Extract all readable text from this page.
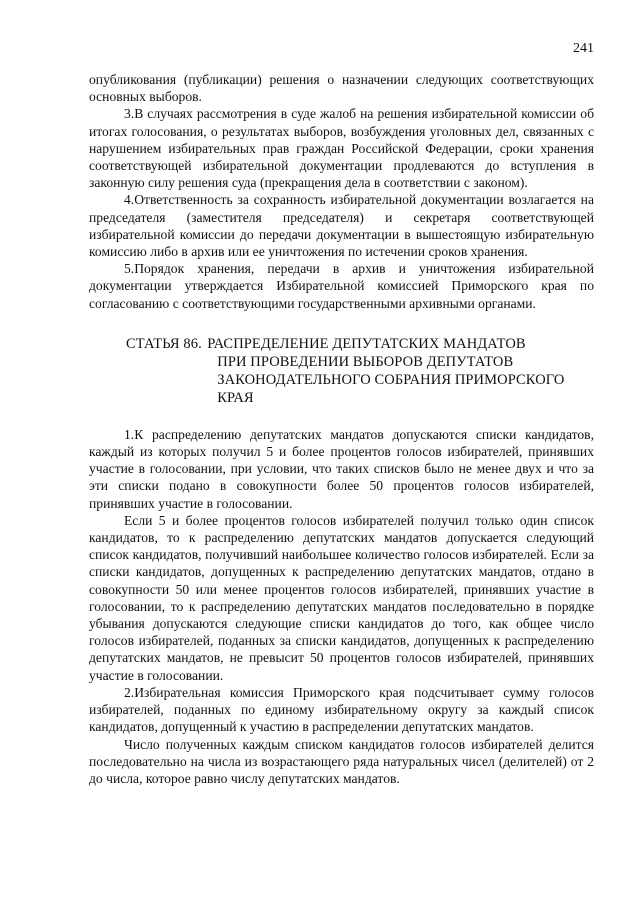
241

опубликования (публикации) решения о назначении следующих соответствующих основных выборов.

3.В случаях рассмотрения в суде жалоб на решения избирательной комиссии об итогах голосования, о результатах выборов, возбуждения уголовных дел, связанных с нарушением избирательных прав граждан Российской Федерации, сроки хранения соответствующей избирательной документации продлеваются до вступления в законную силу решения суда (прекращения дела в соответствии с законом).

4.Ответственность за сохранность избирательной документации возлагается на председателя (заместителя председателя) и секретаря соответствующей избирательной комиссии до передачи документации в вышестоящую избирательную комиссию либо в архив или ее уничтожения по истечении сроков хранения.

5.Порядок хранения, передачи в архив и уничтожения избирательной документации утверждается Избирательной комиссией Приморского края по согласованию с соответствующими государственными архивными органами.

СТАТЬЯ 86. РАСПРЕДЕЛЕНИЕ ДЕПУТАТСКИХ МАНДАТОВ
ПРИ ПРОВЕДЕНИИ ВЫБОРОВ ДЕПУТАТОВ
ЗАКОНОДАТЕЛЬНОГО СОБРАНИЯ ПРИМОРСКОГО
КРАЯ

1.К распределению депутатских мандатов допускаются списки кандидатов, каждый из которых получил 5 и более процентов голосов избирателей, принявших участие в голосовании, при условии, что таких списков было не менее двух и что за эти списки подано в совокупности более 50 процентов голосов избирателей, принявших участие в голосовании.

Если 5 и более процентов голосов избирателей получил только один список кандидатов, то к распределению депутатских мандатов допускается следующий список кандидатов, получивший наибольшее количество голосов избирателей. Если за списки кандидатов, допущенных к распределению депутатских мандатов, отдано в совокупности 50 или менее процентов голосов избирателей, принявших участие в голосовании, то к распределению депутатских мандатов последовательно в порядке убывания допускаются следующие списки кандидатов до того, как общее число голосов избирателей, поданных за списки кандидатов, допущенных к распределению депутатских мандатов, не превысит 50 процентов голосов избирателей, принявших участие в голосовании.

2.Избирательная комиссия Приморского края подсчитывает сумму голосов избирателей, поданных по единому избирательному округу за каждый список кандидатов, допущенный к участию в распределении депутатских мандатов.

Число полученных каждым списком кандидатов голосов избирателей делится последовательно на числа из возрастающего ряда натуральных чисел (делителей) от 2 до числа, которое равно числу депутатских мандатов.
